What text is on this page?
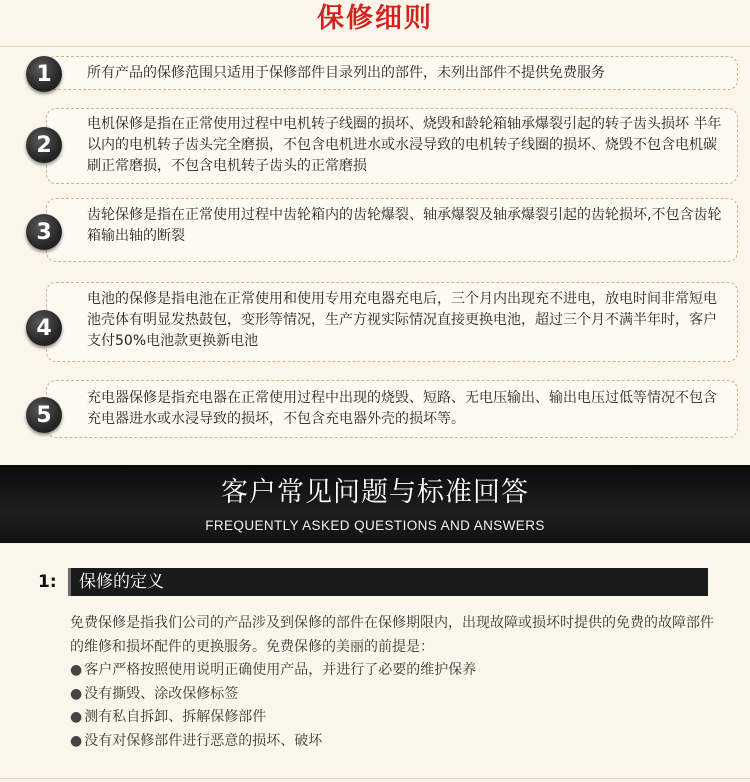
保修细则
所有产品的保修范围只适用于保修部件目录列出的部件，未列出部件不提供免费服务
1
电机保修是指在正常使用过程中电机转子线圈的损坏、烧毁和龄轮箱轴承爆裂引起的转子齿头损坏 半年以内的电机转子齿头完全磨损，不包含电机进水或水浸导致的电机转子线圈的损坏、烧毁不包含电机碳刷正常磨损，不包含电机转子齿头的正常磨损
2
齿轮保修是指在正常使用过程中齿轮箱内的齿轮爆裂、轴承爆裂及轴承爆裂引起的齿轮损坏,不包含齿轮箱输出轴的断裂
3
电池的保修是指电池在正常使用和使用专用充电器充电后，三个月内出现充不进电，放电时间非常短电池壳体有明显发热鼓包，变形等情况，生产方视实际情况直接更换电池，超过三个月不满半年时，客户支付50%电池款更换新电池
4
充电器保修是指充电器在正常使用过程中出现的烧毁、短路、无电压输出、输出电压过低等情况不包含充电器进水或水浸导致的损坏，不包含充电器外壳的损坏等。
5
客户常见问题与标准回答
FREQUENTLY ASKED QUESTIONS AND ANSWERS
1: 保修的定义

免费保修是指我们公司的产品涉及到保修的部件在保修期限内，出现故障或损坏时提供的免费的故障部件的维修和损坏配件的更换服务。免费保修的美丽的前提是：

● 客户严格按照使用说明正确使用产品，并进行了必要的维护保养

● 没有撕毁、涂改保修标签

● 测有私自拆卸、拆解保修部件

● 没有对保修部件进行恶意的损坏、破坏
